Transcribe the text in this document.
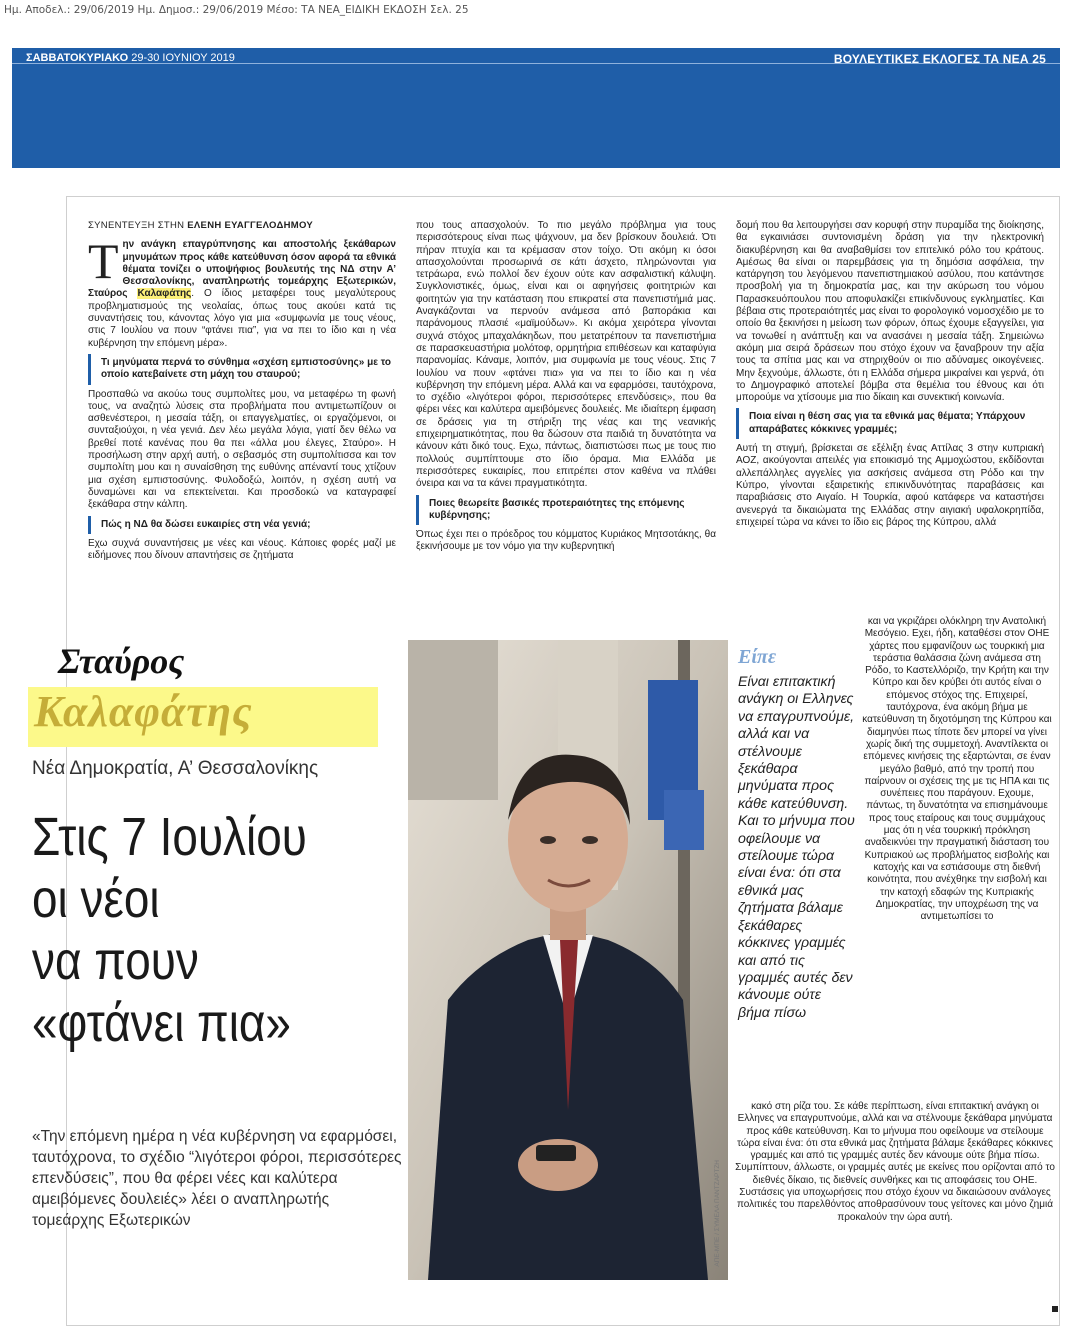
Ημ. Αποδελ.: 29/06/2019 Ημ. Δημοσ.: 29/06/2019 Μέσο: ΤΑ ΝΕΑ_ΕΙΔΙΚΗ ΕΚΔΟΣΗ Σελ. 25
ΣΑΒΒΑΤΟΚΥΡΙΑΚΟ 29-30 ΙΟΥΝΙΟΥ 2019	ΒΟΥΛΕΥΤΙΚΕΣ ΕΚΛΟΓΕΣ ΤΑ ΝΕΑ 25

ΣΥΝΕΝΤΕΥΞΗ ΣΤΗΝ ΕΛΕΝΗ ΕΥΑΓΓΕΛΟΔΗΜΟΥ

Τ ην ανάγκη επαγρύπνησης και αποστολής ξεκάθαρων μηνυμάτων προς κάθε κατεύθυνση όσον αφορά τα εθνικά θέματα τονίζει ο υποψήφιος βουλευτής της ΝΔ στην Α’ Θεσσαλονίκης, αναπληρωτής τομεάρχης Εξωτερικών, Σταύρος Καλαφάτης. Ο ίδιος μεταφέρει τους μεγαλύτερους προβληματισμούς της νεολαίας, όπως τους ακούει κατά τις συναντήσεις του, κάνοντας λόγο για μια «συμφωνία με τους νέους, στις 7 Ιουλίου να πουν “φτάνει πια”, για να πει το ίδιο και η νέα κυβέρνηση την επόμενη μέρα».

Τι μηνύματα περνά το σύνθημα «σχέση εμπιστοσύνης» με το οποίο κατεβαίνετε στη μάχη του σταυρού;

Προσπαθώ να ακούω τους συμπολίτες μου, να μεταφέρω τη φωνή τους, να αναζητώ λύσεις στα προβλήματα που αντιμετωπίζουν οι ασθενέστεροι, η μεσαία τάξη, οι επαγγελματίες, οι εργαζόμενοι, οι συνταξιούχοι, η νέα γενιά. Δεν λέω μεγάλα λόγια, γιατί δεν θέλω να βρεθεί ποτέ κανένας που θα πει «άλλα μου έλεγες, Σταύρο». Η προσήλωση στην αρχή αυτή, ο σεβασμός στη συμπολίτισσα και τον συμπολίτη μου και η συναίσθηση της ευθύνης απέναντί τους χτίζουν μια σχέση εμπιστοσύνης. Φυλοδοξώ, λοιπόν, η σχέση αυτή να δυναμώνει και να επεκτείνεται. Και προσδοκώ να καταγραφεί ξεκάθαρα στην κάλπη.

Πώς η ΝΔ θα δώσει ευκαιρίες στη νέα γενιά;

Εχω συχνά συναντήσεις με νέες και νέους. Κάποιες φορές μαζί με ειδήμονες που δίνουν απαντήσεις σε ζητήματα

που τους απασχολούν. Το πιο μεγάλο πρόβλημα για τους περισσότερους είναι πως ψάχνουν, μα δεν βρίσκουν δουλειά. Ότι πήραν πτυχία και τα κρέμασαν στον τοίχο. Ότι ακόμη κι όσοι απασχολούνται προσωρινά σε κάτι άσχετο, πληρώνονται για τετράωρα, ενώ πολλοί δεν έχουν ούτε καν ασφαλιστική κάλυψη. Συγκλονιστικές, όμως, είναι και οι αφηγήσεις φοιτητριών και φοιτητών για την κατάσταση που επικρατεί στα πανεπιστήμιά μας. Αναγκάζονται να περνούν ανάμεσα από βαποράκια και παράνομους πλασιέ «μαϊμούδων». Κι ακόμα χειρότερα γίνονται συχνά στόχος μπαχαλάκηδων, που μετατρέπουν τα πανεπιστήμια σε παρασκευαστήρια μολότοφ, ορμητήρια επιθέσεων και καταφύγια παρανομίας. Κάναμε, λοιπόν, μια συμφωνία με τους νέους. Στις 7 Ιουλίου να πουν «φτάνει πια» για να πει το ίδιο και η νέα κυβέρνηση την επόμενη μέρα. Αλλά και να εφαρμόσει, ταυτόχρονα, το σχέδιο «λιγότεροι φόροι, περισσότερες επενδύσεις», που θα φέρει νέες και καλύτερα αμειβόμενες δουλειές. Με ιδιαίτερη έμφαση σε δράσεις για τη στήριξη της νέας και της νεανικής επιχειρηματικότητας, που θα δώσουν στα παιδιά τη δυνατότητα να κάνουν κάτι δικό τους. Εχω, πάντως, διαπιστώσει πως με τους πιο πολλούς συμπίπτουμε στο ίδιο όραμα. Μια Ελλάδα με περισσότερες ευκαιρίες, που επιτρέπει στον καθένα να πλάθει όνειρα και να τα κάνει πραγματικότητα.

Ποιες θεωρείτε βασικές προτεραιότητες της επόμενης κυβέρνησης;

Όπως έχει πει ο πρόεδρος του κόμματος Κυριάκος Μητσοτάκης, θα ξεκινήσουμε με τον νόμο για την κυβερνητική

δομή που θα λειτουργήσει σαν κορυφή στην πυραμίδα της διοίκησης, θα εγκαινιάσει συντονισμένη δράση για την ηλεκτρονική διακυβέρνηση και θα αναβαθμίσει τον επιτελικό ρόλο του κράτους. Αμέσως θα είναι οι παρεμβάσεις για τη δημόσια ασφάλεια, την κατάργηση του λεγόμενου πανεπιστημιακού ασύλου, που κατάντησε προσβολή για τη δημοκρατία μας, και την ακύρωση του νόμου Παρασκευόπουλου που αποφυλακίζει επικίνδυνους εγκληματίες. Και βέβαια στις προτεραιότητές μας είναι το φορολογικό νομοσχέδιο με το οποίο θα ξεκινήσει η μείωση των φόρων, όπως έχουμε εξαγγείλει, για να τονωθεί η ανάπτυξη και να ανασάνει η μεσαία τάξη. Σημειώνω ακόμη μια σειρά δράσεων που στόχο έχουν να ξαναβρουν την αξία τους τα σπίτια μας και να στηριχθούν οι πιο αδύναμες οικογένειες. Μην ξεχνούμε, άλλωστε, ότι η Ελλάδα σήμερα μικραίνει και γερνά, ότι το Δημογραφικό αποτελεί βόμβα στα θεμέλια του έθνους και ότι μπορούμε να χτίσουμε μια πιο δίκαιη και συνεκτική κοινωνία.

Ποια είναι η θέση σας για τα εθνικά μας θέματα; Υπάρχουν απαράβατες κόκκινες γραμμές;

Αυτή τη στιγμή, βρίσκεται σε εξέλιξη ένας Αττίλας 3 στην κυπριακή ΑΟΖ, ακούγονται απειλές για εποικισμό της Αμμοχώστου, εκδίδονται αλλεπάλληλες αγγελίες για ασκήσεις ανάμεσα στη Ρόδο και την Κύπρο, γίνονται εξαιρετικής επικινδυνότητας παραβάσεις και παραβιάσεις στο Αιγαίο. Η Τουρκία, αφού κατάφερε να καταστήσει ανενεργά τα δικαιώματα της Ελλάδας στην αιγιακή υφαλοκρηπίδα, επιχειρεί τώρα να κάνει το ίδιο εις βάρος της Κύπρου, αλλά

Σταύρος
Καλαφάτης
Νέα Δημοκρατία, Α’ Θεσσαλονίκης
Στις 7 Ιουλίου
οι νέοι
να πουν
«φτάνει πια»
«Την επόμενη ημέρα η νέα κυβέρνηση να εφαρμόσει, ταυτόχρονα, το σχέδιο “λιγότεροι φόροι, περισσότερες επενδύσεις”, που θα φέρει νέες και καλύτερα αμειβόμενες δουλειές» λέει ο αναπληρωτής τομεάρχης Εξωτερικών	ΑΠΕ-ΜΠΕ / ΣΥΜΕΛΑ ΠΑΝΤΖΑΡΤΖΗ
Είπε
Είναι επιτακτική ανάγκη οι Ελληνες να επαγρυπνούμε, αλλά και να στέλνουμε ξεκάθαρα μηνύματα προς κάθε κατεύθυνση. Και το μήνυμα που οφείλουμε να στείλουμε τώρα είναι ένα: ότι στα εθνικά μας ζητήματα βάλαμε ξεκάθαρες κόκκινες γραμμές και από τις γραμμές αυτές δεν κάνουμε ούτε βήμα πίσω
και να γκριζάρει ολόκληρη την Ανατολική Μεσόγειο. Εχει, ήδη, καταθέσει στον ΟΗΕ χάρτες που εμφανίζουν ως τουρκική μια τεράστια θαλάσσια ζώνη ανάμεσα στη Ρόδο, το Καστελλόριζο, την Κρήτη και την Κύπρο και δεν κρύβει ότι αυτός είναι ο επόμενος στόχος της. Επιχειρεί, ταυτόχρονα, ένα ακόμη βήμα με κατεύθυνση τη διχοτόμηση της Κύπρου και διαμηνύει πως τίποτε δεν μπορεί να γίνει χωρίς δική της συμμετοχή. Αναντίλεκτα οι επόμενες κινήσεις της εξαρτώνται, σε έναν μεγάλο βαθμό, από την τροπή που παίρνουν οι σχέσεις της με τις ΗΠΑ και τις συνέπειες που παράγουν. Εχουμε, πάντως, τη δυνατότητα να επισημάνουμε προς τους εταίρους και τους συμμάχους μας ότι η νέα τουρκική πρόκληση αναδεικνύει την πραγματική διάσταση του Κυπριακού ως προβλήματος εισβολής και κατοχής και να εστιάσουμε στη διεθνή κοινότητα, που ανέχθηκε την εισβολή και την κατοχή εδαφών της Κυπριακής Δημοκρατίας, την υποχρέωση της να αντιμετωπίσει το
κακό στη ρίζα του. Σε κάθε περίπτωση, είναι επιτακτική ανάγκη οι Ελληνες να επαγρυπνούμε, αλλά και να στέλνουμε ξεκάθαρα μηνύματα προς κάθε κατεύθυνση. Και το μήνυμα που οφείλουμε να στείλουμε τώρα είναι ένα: ότι στα εθνικά μας ζητήματα βάλαμε ξεκάθαρες κόκκινες γραμμές και από τις γραμμές αυτές δεν κάνουμε ούτε βήμα πίσω. Συμπίπτουν, άλλωστε, οι γραμμές αυτές με εκείνες που ορίζονται από το διεθνές δίκαιο, τις διεθνείς συνθήκες και τις αποφάσεις του ΟΗΕ. Συστάσεις για υποχωρήσεις που στόχο έχουν να δικαιώσουν ανάλογες πολιτικές του παρελθόντος αποθρασύνουν τους γείτονες και μόνο ζημιά προκαλούν την ώρα αυτή.
